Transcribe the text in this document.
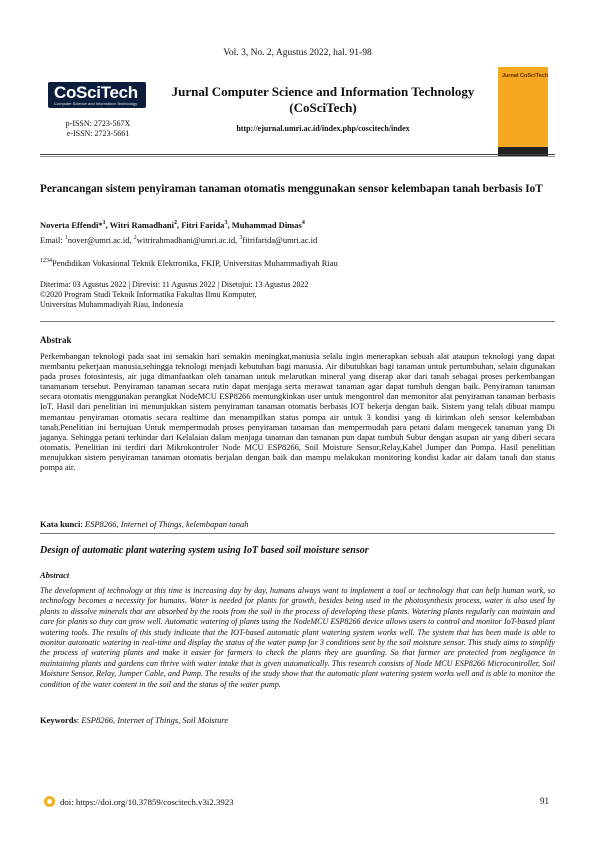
Vol. 3, No. 2, Agustus 2022, hal. 91-98
CoSciTech
Computer Science and Information Technology
p-ISSN: 2723-567X
e-ISSN: 2723-5661
Jurnal Computer Science and Information Technology
(CoSciTech)
http://ejurnal.umri.ac.id/index.php/coscitech/index
Jurnal CoSciTech
Perancangan sistem penyiraman tanaman otomatis menggunakan sensor kelembapan tanah berbasis IoT
Noverta Effendi*$^1$, Witri Ramadhani$^2$, Fitri Farida$^3$, Muhammad Dimas$^4$
Email: $^1$nover@umri.ac.id, $^2$witrirahmadhani@umri.ac.id, $^3$fitrifarida@umri.ac.id
$^{1234}$Pendidikan Vokasional Teknik Elektronika, FKIP, Universitas Muhammadiyah Riau
Diterima: 03 Agustus 2022 | Direvisi: 11 Agustus 2022 | Disetujui: 13 Agustus 2022
©2020 Program Studi Teknik Informatika Fakultas Ilmu Komputer,
Universitas Muhammadiyah Riau, Indonesia
Abstrak
Perkembangan teknologi pada saat ini semakin hari semakin meningkat,manusia selalu ingin menerapkan sebuah alat ataupun teknologi yang dapat membantu pekerjaan manusia,sehingga teknologi menjadi kebutuhan bagi manusia. Air dibutuhkan bagi tanaman untuk pertumbuhan, selain digunakan pada proses fotosintesis, air juga dimanfaatkan oleh tanaman untuk melarutkan mineral yang diserap akar dari tanah sebagai proses perkembangan tanamanam tersebut. Penyiraman tanaman secara rutin dapat menjaga serta merawat tanaman agar dapat tumbuh dengan baik. Penyiraman tanaman secara otomatis menggunakan perangkat NodeMCU ESP8266 memungkinkan user untuk mengontrol dan memonitor alat penyiraman tanaman berbasis IoT. Hasil dari penelitian ini menunjukkan sistem penyiraman tanaman otomatis berbasis IOT bekerja dengan baik. Sistem yang telah dibuat mampu memantau penyiraman otomatis secara realtime dan menampilkan status pompa air untuk 3 kondisi yang di kirimkan oleh sensor kelembaban tanah.Penelitian ini bertujuan Untuk mempermudah proses penyiraman tanaman dan mempermudah para petani dalam mengecek tanaman yang Di jaganya. Sehingga petani terhindar dari Kelalaian dalam menjaga tanaman dan tamanan pun dapat tumbuh Subur dengan asupan air yang diberi secara otomatis. Penelitian ini terdiri dari Mikrokontroler Node MCU ESP8266, Soil Moisture Sensor,Relay,Kabel Jumper dan Pompa. Hasil penelitian menujukkan sistem penyiraman tanaman otomatis berjalan dengan baik dan mampu melakukan monitoring kondisi kadar air dalam tanah dan status pompa air.
Kata kunci: ESP8266, Internet of Things, kelembapan tanah
Design of automatic plant watering system using IoT based soil moisture sensor
Abstract
The development of technology at this time is increasing day by day, humans always want to implement a tool or technology that can help human work, so technology becomes a necessity for humans. Water is needed for plants for growth, besides being used in the photosynthesis process, water is also used by plants to dissolve minerals that are absorbed by the roots from the soil in the process of developing these plants. Watering plants regularly can maintain and care for plants so they can grow well. Automatic watering of plants using the NodeMCU ESP8266 device allows users to control and monitor IoT-based plant watering tools. The results of this study indicate that the IOT-based automatic plant watering system works well. The system that has been made is able to monitor automatic watering in real-time and display the status of the water pump for 3 conditions sent by the soil moisture sensor. This study aims to simplify the process of watering plants and make it easier for farmers to check the plants they are guarding. So that farmer are protected from negligence in maintaining plants and gardens can thrive with water intake that is given automatically. This research consists of Node MCU ESP8266 Microcontroller, Soil Moisture Sensor, Relay, Jumper Cable, and Pump. The results of the study show that the automatic plant watering system works well and is able to monitor the condition of the water content in the soil and the status of the water pump.
Keywords: ESP8266, Internet of Things, Soil Moisture
doi: https://doi.org/10.37859/coscitech.v3i2.3923	91
